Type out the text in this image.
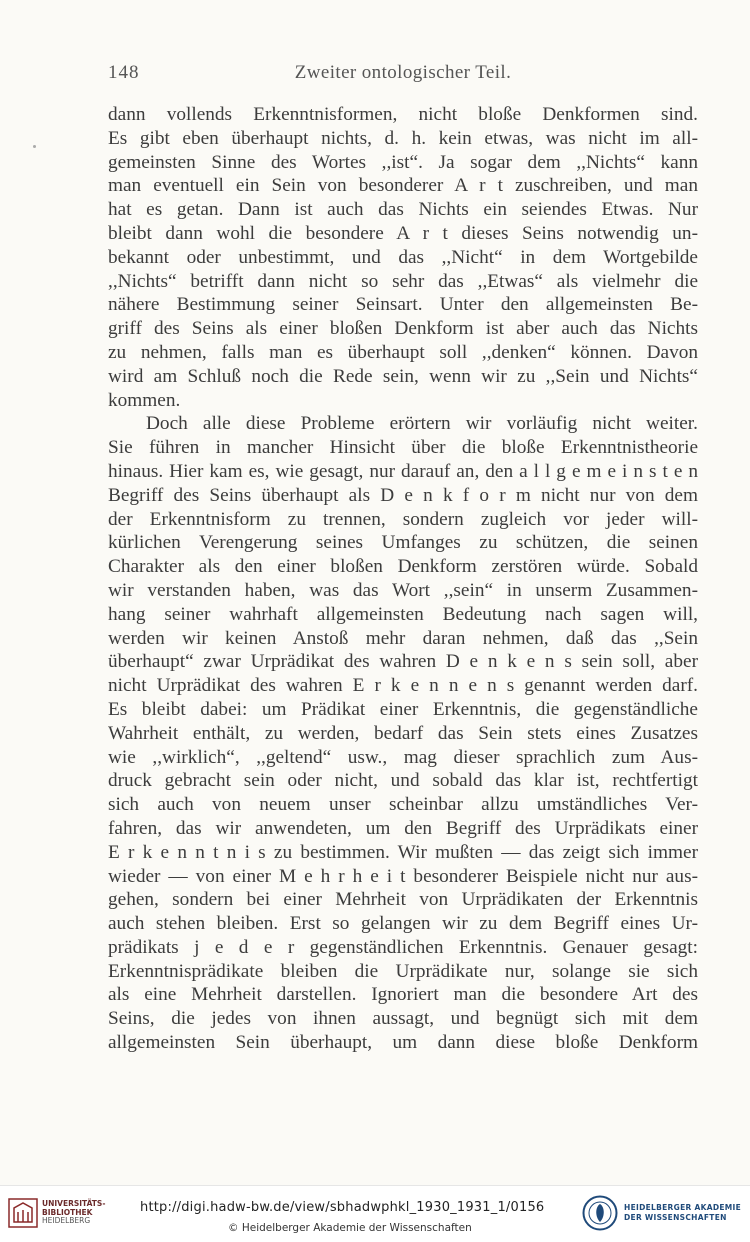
148	Zweiter ontologischer Teil.
dann vollends Erkenntnisformen, nicht bloße Denkformen sind.
Es gibt eben überhaupt nichts, d. h. kein etwas, was nicht im all-
gemeinsten Sinne des Wortes ,,ist“. Ja sogar dem ,,Nichts“ kann
man eventuell ein Sein von besonderer A r t zuschreiben, und man
hat es getan. Dann ist auch das Nichts ein seiendes Etwas. Nur
bleibt dann wohl die besondere A r t dieses Seins notwendig un-
bekannt oder unbestimmt, und das ,,Nicht“ in dem Wortgebilde
,,Nichts“ betrifft dann nicht so sehr das ,,Etwas“ als vielmehr die
nähere Bestimmung seiner Seinsart. Unter den allgemeinsten Be-
griff des Seins als einer bloßen Denkform ist aber auch das Nichts
zu nehmen, falls man es überhaupt soll ,,denken“ können. Davon
wird am Schluß noch die Rede sein, wenn wir zu ,,Sein und Nichts“
kommen.
Doch alle diese Probleme erörtern wir vorläufig nicht weiter.
Sie führen in mancher Hinsicht über die bloße Erkenntnistheorie
hinaus. Hier kam es, wie gesagt, nur darauf an, den a l l g e m e i n s t e n
Begriff des Seins überhaupt als D e n k f o r m nicht nur von dem
der Erkenntnisform zu trennen, sondern zugleich vor jeder will-
kürlichen Verengerung seines Umfanges zu schützen, die seinen
Charakter als den einer bloßen Denkform zerstören würde. Sobald
wir verstanden haben, was das Wort ,,sein“ in unserm Zusammen-
hang seiner wahrhaft allgemeinsten Bedeutung nach sagen will,
werden wir keinen Anstoß mehr daran nehmen, daß das ,,Sein
überhaupt“ zwar Urprädikat des wahren D e n k e n s sein soll, aber
nicht Urprädikat des wahren E r k e n n e n s genannt werden darf.
Es bleibt dabei: um Prädikat einer Erkenntnis, die gegenständliche
Wahrheit enthält, zu werden, bedarf das Sein stets eines Zusatzes
wie ,,wirklich“, ,,geltend“ usw., mag dieser sprachlich zum Aus-
druck gebracht sein oder nicht, und sobald das klar ist, rechtfertigt
sich auch von neuem unser scheinbar allzu umständliches Ver-
fahren, das wir anwendeten, um den Begriff des Urprädikats einer
E r k e n n t n i s zu bestimmen. Wir mußten — das zeigt sich immer
wieder — von einer M e h r h e i t besonderer Beispiele nicht nur aus-
gehen, sondern bei einer Mehrheit von Urprädikaten der Erkenntnis
auch stehen bleiben. Erst so gelangen wir zu dem Begriff eines Ur-
prädikats j e d e r gegenständlichen Erkenntnis. Genauer gesagt:
Erkenntnisprädikate bleiben die Urprädikate nur, solange sie sich
als eine Mehrheit darstellen. Ignoriert man die besondere Art des
Seins, die jedes von ihnen aussagt, und begnügt sich mit dem
allgemeinsten Sein überhaupt, um dann diese bloße Denkform
UNIVERSITÄTS-
BIBLIOTHEK
HEIDELBERG
http://digi.hadw-bw.de/view/sbhadwphkl_1930_1931_1/0156
© Heidelberger Akademie der Wissenschaften
HEIDELBERGER AKADEMIE
DER WISSENSCHAFTEN
